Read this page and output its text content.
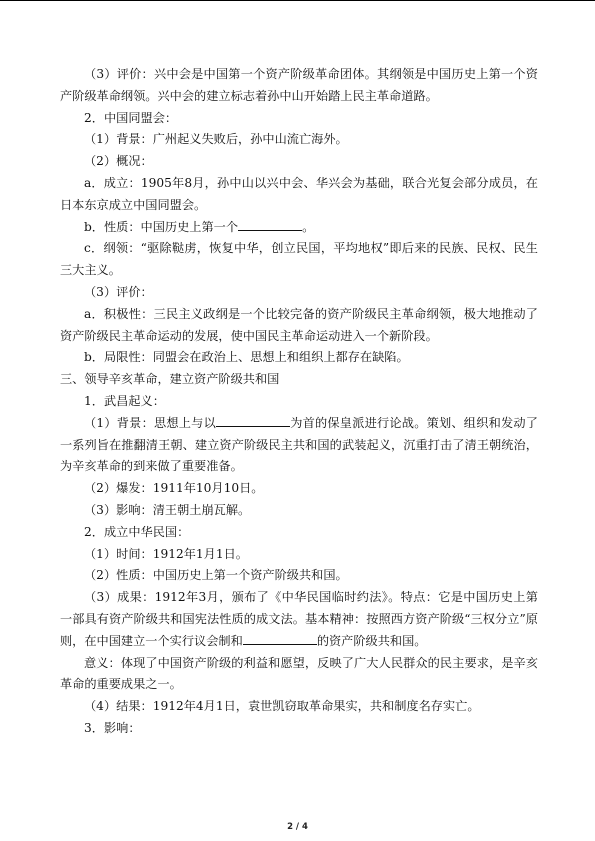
（3）评价：兴中会是中国第一个资产阶级革命团体。其纲领是中国历史上第一个资产阶级革命纲领。兴中会的建立标志着孙中山开始踏上民主革命道路。

2．中国同盟会：

（1）背景：广州起义失败后，孙中山流亡海外。

（2）概况：

a．成立：1905年8月，孙中山以兴中会、华兴会为基础，联合光复会部分成员，在日本东京成立中国同盟会。

b．性质：中国历史上第一个	。

c．纲领：“驱除鞑虏，恢复中华，创立民国，平均地权”即后来的民族、民权、民生三大主义。

（3）评价：

a．积极性：三民主义政纲是一个比较完备的资产阶级民主革命纲领，极大地推动了资产阶级民主革命运动的发展，使中国民主革命运动进入一个新阶段。

b．局限性：同盟会在政治上、思想上和组织上都存在缺陷。

三、领导辛亥革命，建立资产阶级共和国

1．武昌起义：

（1）背景：思想上与以	为首的保皇派进行论战。策划、组织和发动了一系列旨在推翻清王朝、建立资产阶级民主共和国的武装起义，沉重打击了清王朝统治，为辛亥革命的到来做了重要准备。

（2）爆发：1911年10月10日。

（3）影响：清王朝土崩瓦解。

2．成立中华民国：

（1）时间：1912年1月1日。

（2）性质：中国历史上第一个资产阶级共和国。

（3）成果：1912年3月，颁布了《中华民国临时约法》。特点：它是中国历史上第一部具有资产阶级共和国宪法性质的成文法。基本精神：按照西方资产阶级“三权分立”原则，在中国建立一个实行议会制和	的资产阶级共和国。

意义：体现了中国资产阶级的利益和愿望，反映了广大人民群众的民主要求，是辛亥革命的重要成果之一。

（4）结果：1912年4月1日，袁世凯窃取革命果实，共和制度名存实亡。

3．影响：

2 / 4
